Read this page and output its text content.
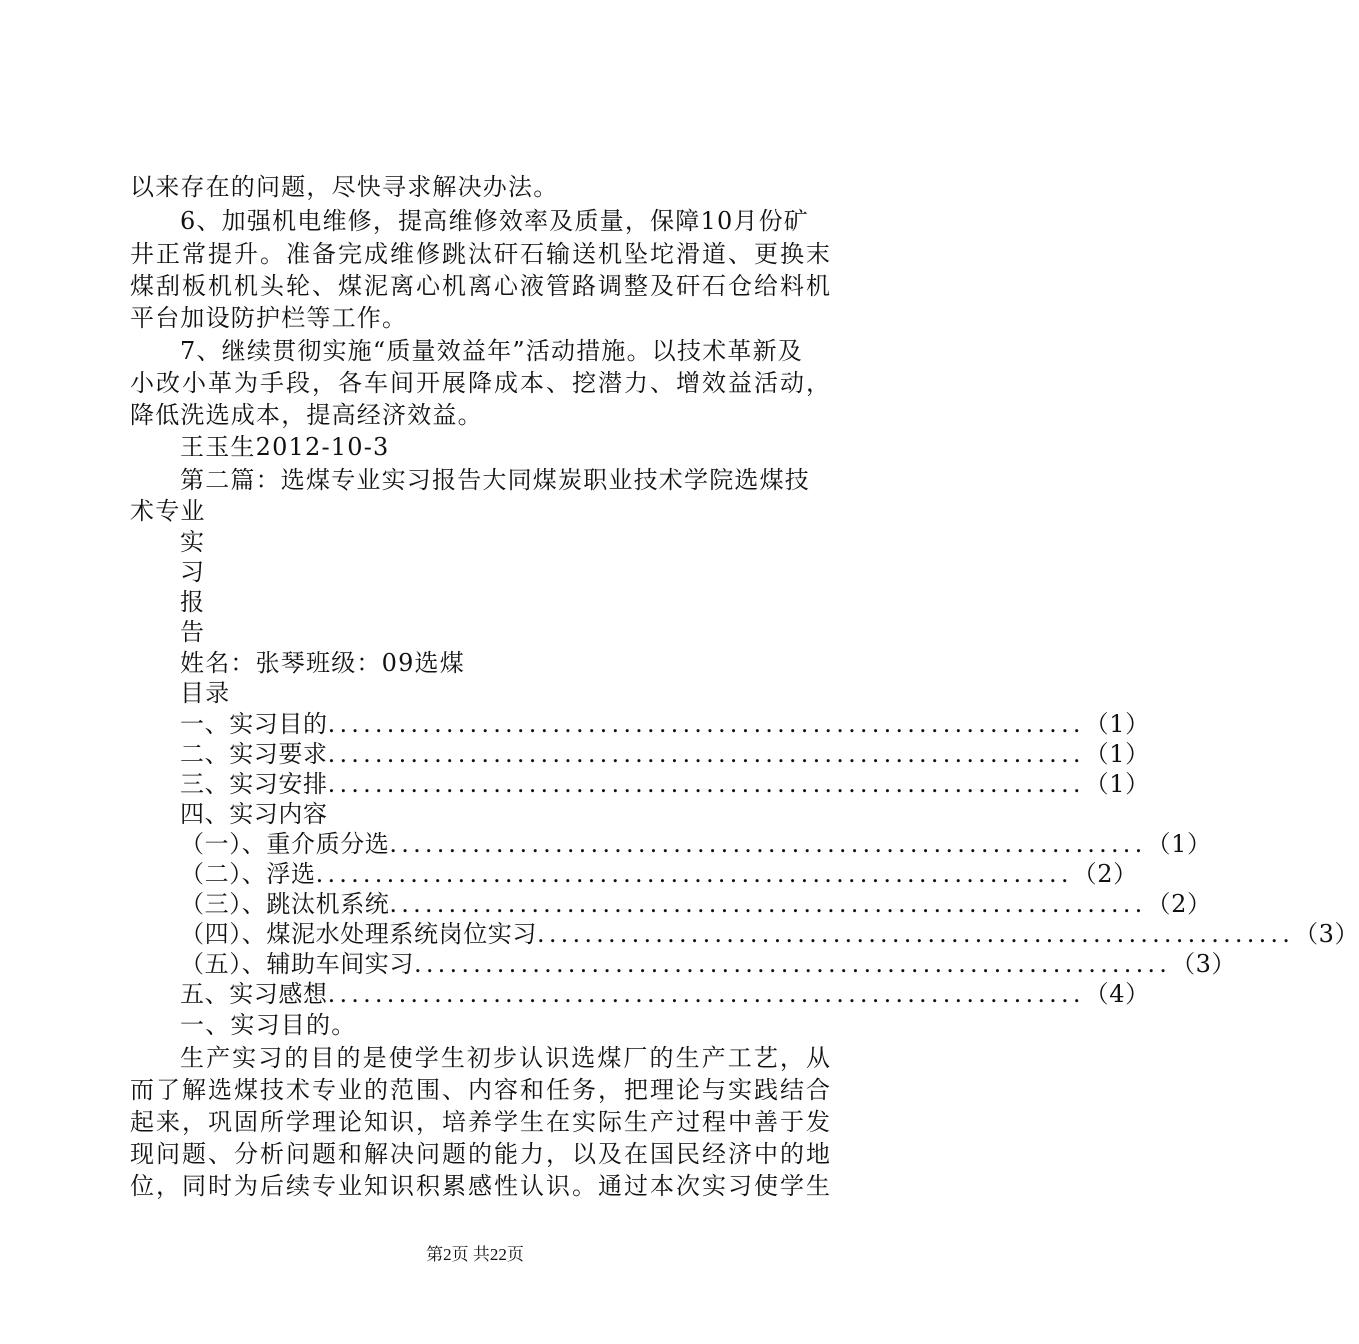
以来存在的问题，尽快寻求解决办法。

6、加强机电维修，提高维修效率及质量，保障10月份矿

井正常提升。准备完成维修跳汰矸石输送机坠坨滑道、更换末

煤刮板机机头轮、煤泥离心机离心液管路调整及矸石仓给料机

平台加设防护栏等工作。

7、继续贯彻实施“质量效益年”活动措施。以技术革新及

小改小革为手段，各车间开展降成本、挖潜力、增效益活动，

降低洗选成本，提高经济效益。

王玉生2012-10-3

第二篇：选煤专业实习报告大同煤炭职业技术学院选煤技

术专业

实

习

报

告

姓名：张琴班级：09选煤

目录

一、实习目的 ................................................................ （1）
二、实习要求 ................................................................ （1）
三、实习安排 ................................................................ （1）
四、实习内容
（一）、重介质分选 ................................................................ （1）
（二）、浮选 ................................................................ （2）
（三）、跳汰机系统 ................................................................ （2）
（四）、煤泥水处理系统岗位实习 ................................................................ （3）
（五）、辅助车间实习 ................................................................ （3）
五、实习感想 ................................................................ （4）

一、实习目的。

生产实习的目的是使学生初步认识选煤厂的生产工艺，从

而了解选煤技术专业的范围、内容和任务，把理论与实践结合

起来，巩固所学理论知识，培养学生在实际生产过程中善于发

现问题、分析问题和解决问题的能力，以及在国民经济中的地

位，同时为后续专业知识积累感性认识。通过本次实习使学生

第2页 共22页
